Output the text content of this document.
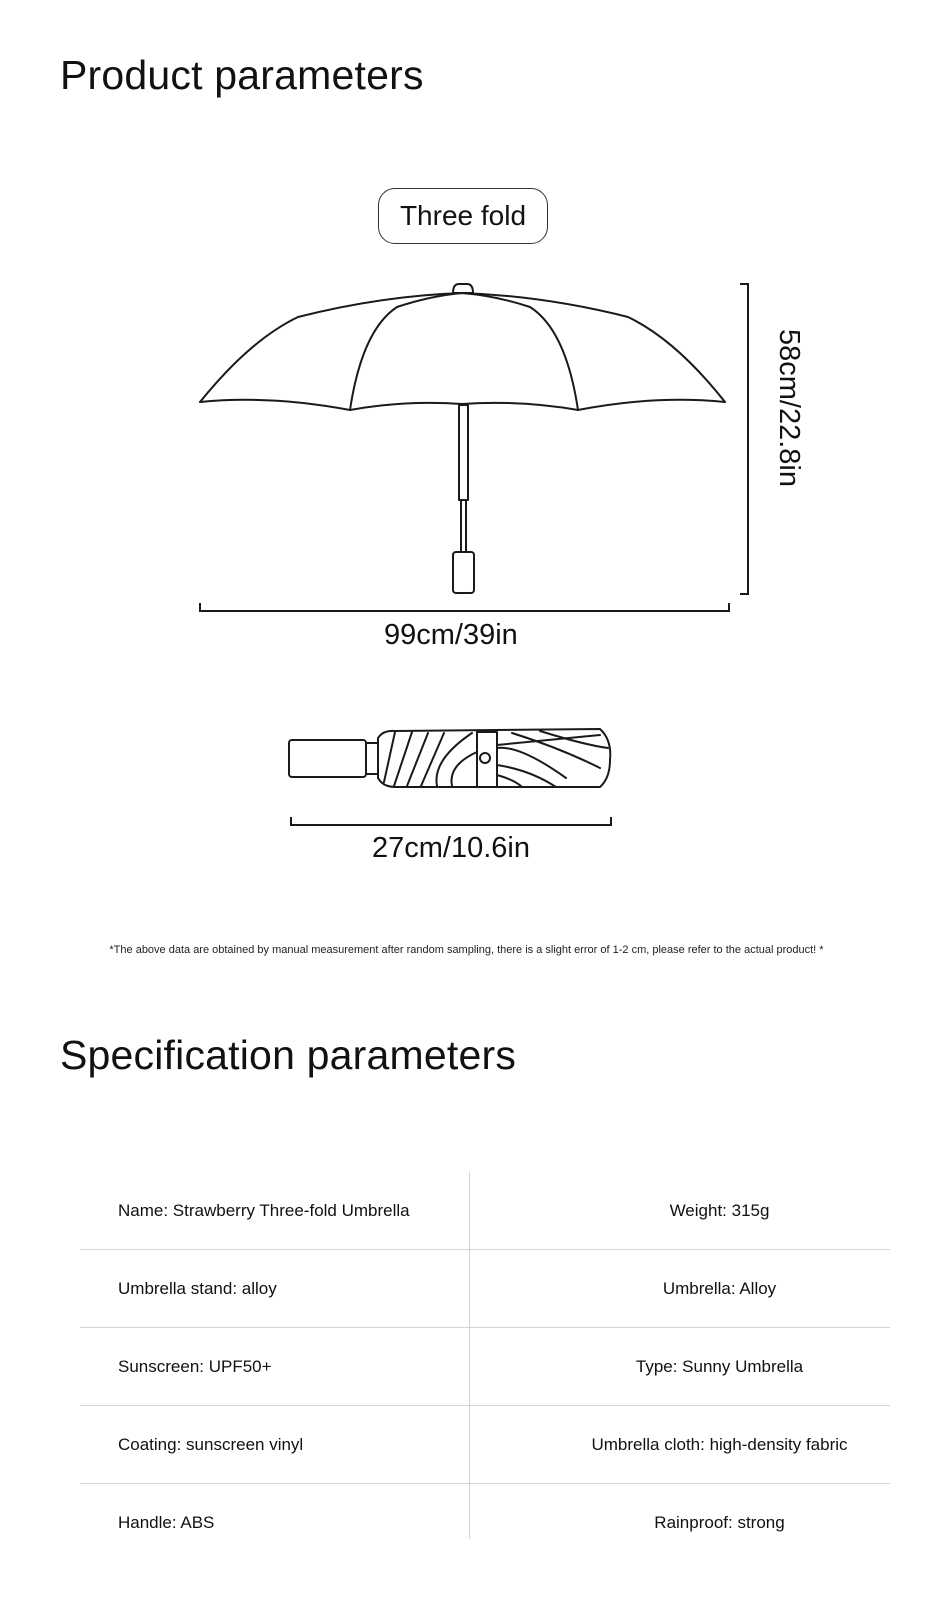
Product parameters
Three fold
99cm/39in
58cm/22.8in
27cm/10.6in
*The above data are obtained by manual measurement after random sampling, there is a slight error of 1-2 cm, please refer to the actual product! *
Specification parameters
Name: Strawberry Three-fold Umbrella	Weight: 315g
Umbrella stand: alloy	Umbrella: Alloy
Sunscreen: UPF50+	Type: Sunny Umbrella
Coating: sunscreen vinyl	Umbrella cloth: high-density fabric
Handle: ABS	Rainproof: strong
